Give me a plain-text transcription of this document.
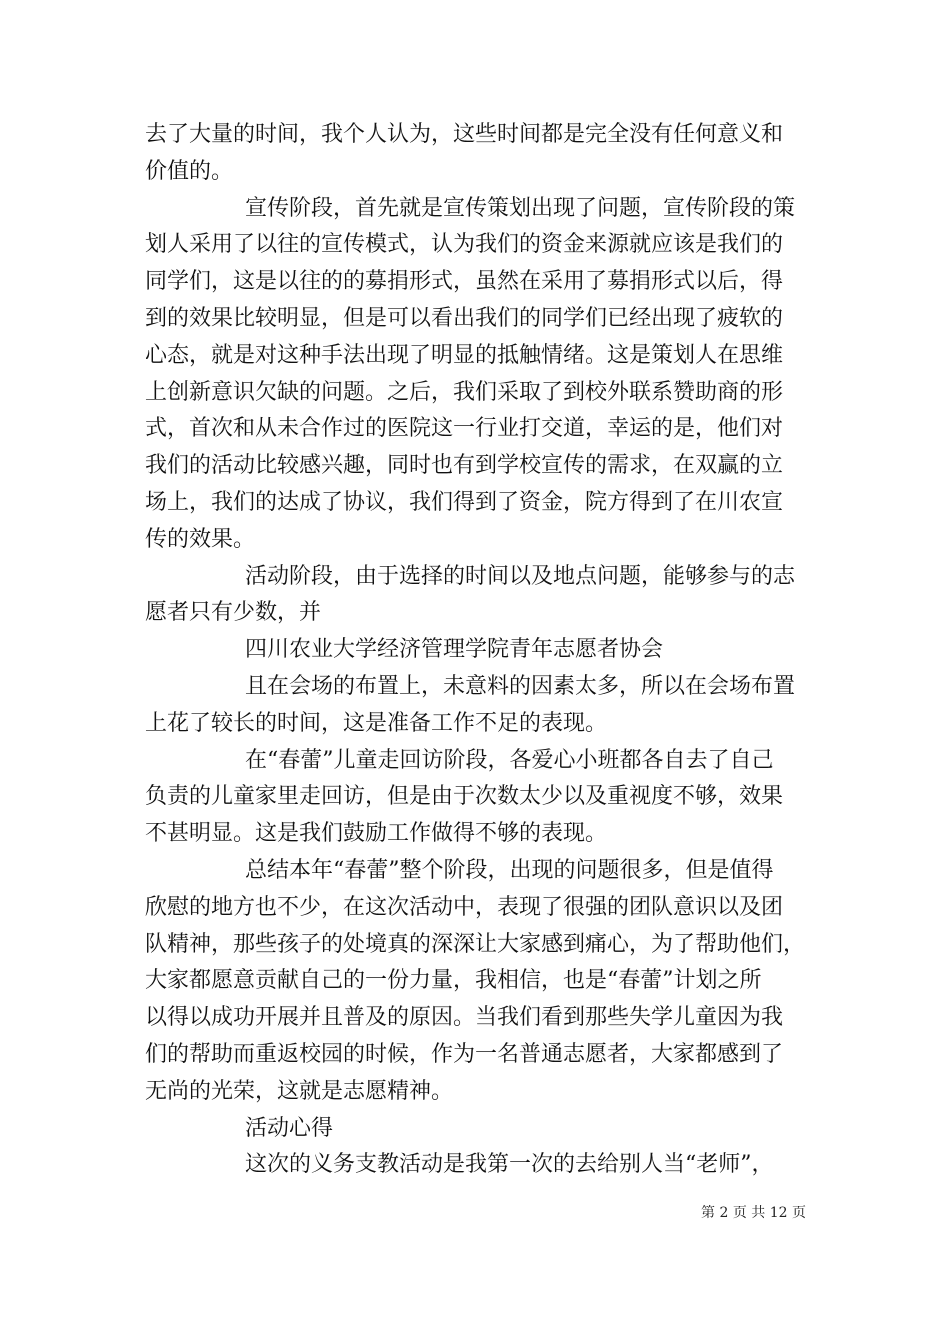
去了大量的时间，我个人认为，这些时间都是完全没有任何意义和
价值的。
宣传阶段，首先就是宣传策划出现了问题，宣传阶段的策
划人采用了以往的宣传模式，认为我们的资金来源就应该是我们的
同学们，这是以往的的募捐形式，虽然在采用了募捐形式以后，得
到的效果比较明显，但是可以看出我们的同学们已经出现了疲软的
心态，就是对这种手法出现了明显的抵触情绪。这是策划人在思维
上创新意识欠缺的问题。之后，我们采取了到校外联系赞助商的形
式，首次和从未合作过的医院这一行业打交道，幸运的是，他们对
我们的活动比较感兴趣，同时也有到学校宣传的需求，在双赢的立
场上，我们的达成了协议，我们得到了资金，院方得到了在川农宣
传的效果。
活动阶段，由于选择的时间以及地点问题，能够参与的志
愿者只有少数，并
四川农业大学经济管理学院青年志愿者协会
且在会场的布置上，未意料的因素太多，所以在会场布置
上花了较长的时间，这是准备工作不足的表现。
在“春蕾”儿童走回访阶段，各爱心小班都各自去了自己
负责的儿童家里走回访，但是由于次数太少以及重视度不够，效果
不甚明显。这是我们鼓励工作做得不够的表现。
总结本年“春蕾”整个阶段，出现的问题很多，但是值得
欣慰的地方也不少，在这次活动中，表现了很强的团队意识以及团
队精神，那些孩子的处境真的深深让大家感到痛心，为了帮助他们，
大家都愿意贡献自己的一份力量，我相信，也是“春蕾”计划之所
以得以成功开展并且普及的原因。当我们看到那些失学儿童因为我
们的帮助而重返校园的时候，作为一名普通志愿者，大家都感到了
无尚的光荣，这就是志愿精神。
活动心得
这次的义务支教活动是我第一次的去给别人当“老师”，
第 2 页 共 12 页
